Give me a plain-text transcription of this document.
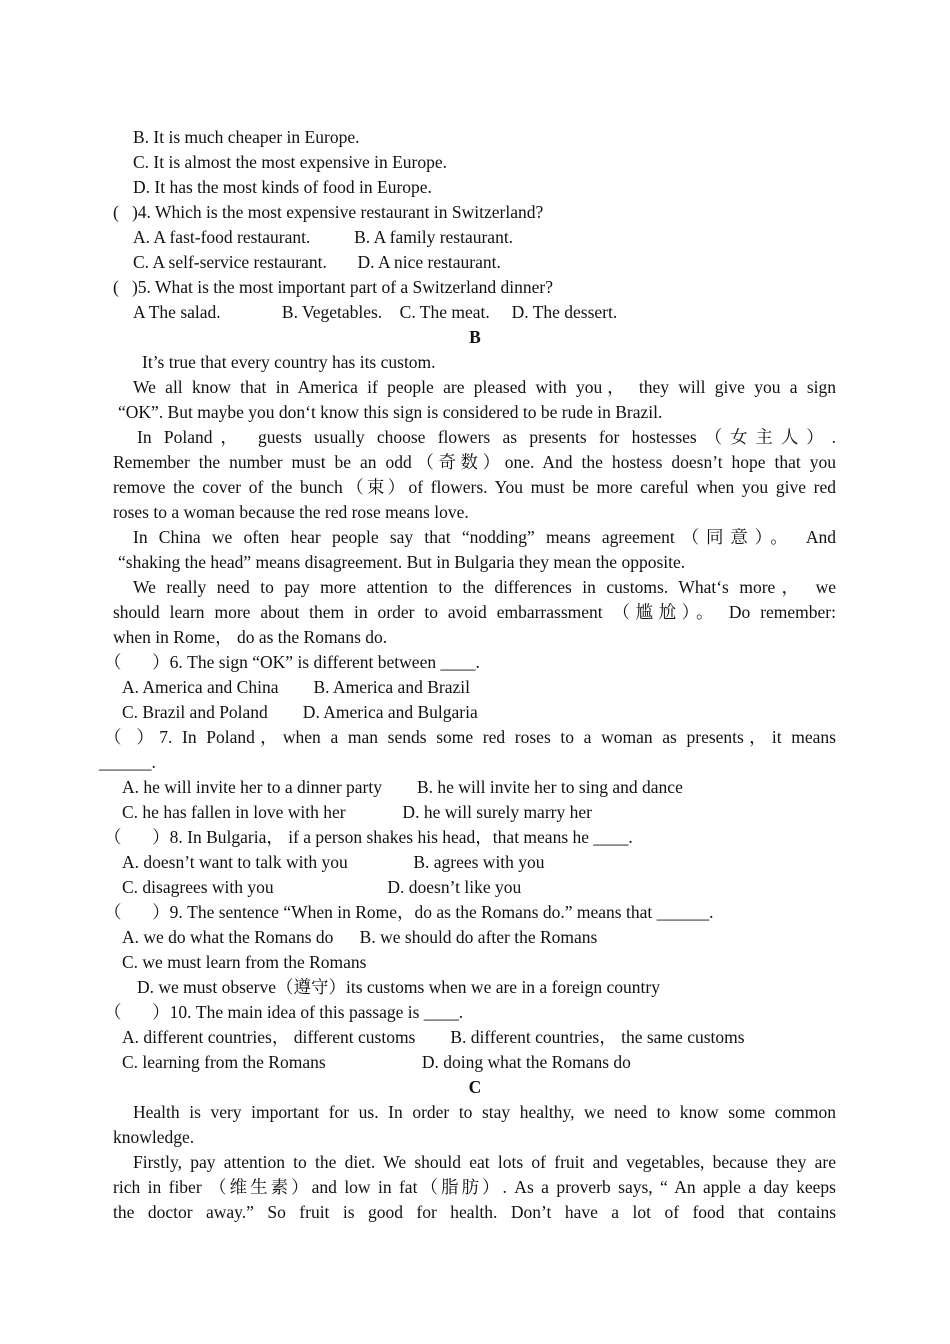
B. It is much cheaper in Europe.
C. It is almost the most expensive in Europe.
D. It has the most kinds of food in Europe.
(   )4. Which is the most expensive restaurant in Switzerland?
A. A fast-food restaurant.          B. A family restaurant.
C. A self-service restaurant.       D. A nice restaurant.
(   )5. What is the most important part of a Switzerland dinner?
A The salad.              B. Vegetables.    C. The meat.     D. The dessert.
B
It’s true that every country has its custom.
We all know that in America if people are pleased with you， they will give you a sign
“OK”. But maybe you don‘t know this sign is considered to be rude in Brazil.
In Poland， guests usually choose flowers as presents for hostesses（女主人）.
Remember the number must be an odd（奇数）one. And the hostess doesn’t hope that you
remove the cover of the bunch（束）of flowers. You must be more careful when you give red
roses to a woman because the red rose means love.
In China we often hear people say that “nodding” means agreement（同意）。 And
“shaking the head” means disagreement. But in Bulgaria they mean the opposite.
We really need to pay more attention to the differences in customs. What‘s more， we
should learn more about them in order to avoid embarrassment （尴尬）。 Do remember:
when in Rome， do as the Romans do.
（       ）6. The sign “OK” is different between ____.
A. America and China        B. America and Brazil
C. Brazil and Poland        D. America and Bulgaria
（ ）7. In Poland，when a man sends some red roses to a woman as presents，it means
______.
A. he will invite her to a dinner party        B. he will invite her to sing and dance
C. he has fallen in love with her             D. he will surely marry her
（       ）8. In Bulgaria， if a person shakes his head，that means he ____.
A. doesn’t want to talk with you               B. agrees with you
C. disagrees with you                          D. doesn’t like you
（       ）9. The sentence “When in Rome，do as the Romans do.” means that ______.
A. we do what the Romans do      B. we should do after the Romans
C. we must learn from the Romans
D. we must observe（遵守）its customs when we are in a foreign country
（       ）10. The main idea of this passage is ____.
A. different countries， different customs        B. different countries， the same customs
C. learning from the Romans                      D. doing what the Romans do
C
Health is very important for us. In order to stay healthy, we need to know some common
knowledge.
Firstly, pay attention to the diet. We should eat lots of fruit and vegetables, because they are
rich in fiber （维生素）and low in fat（脂肪）. As a proverb says, “ An apple a day keeps
the doctor away.” So fruit is good for health. Don’t have a lot of food that contains
